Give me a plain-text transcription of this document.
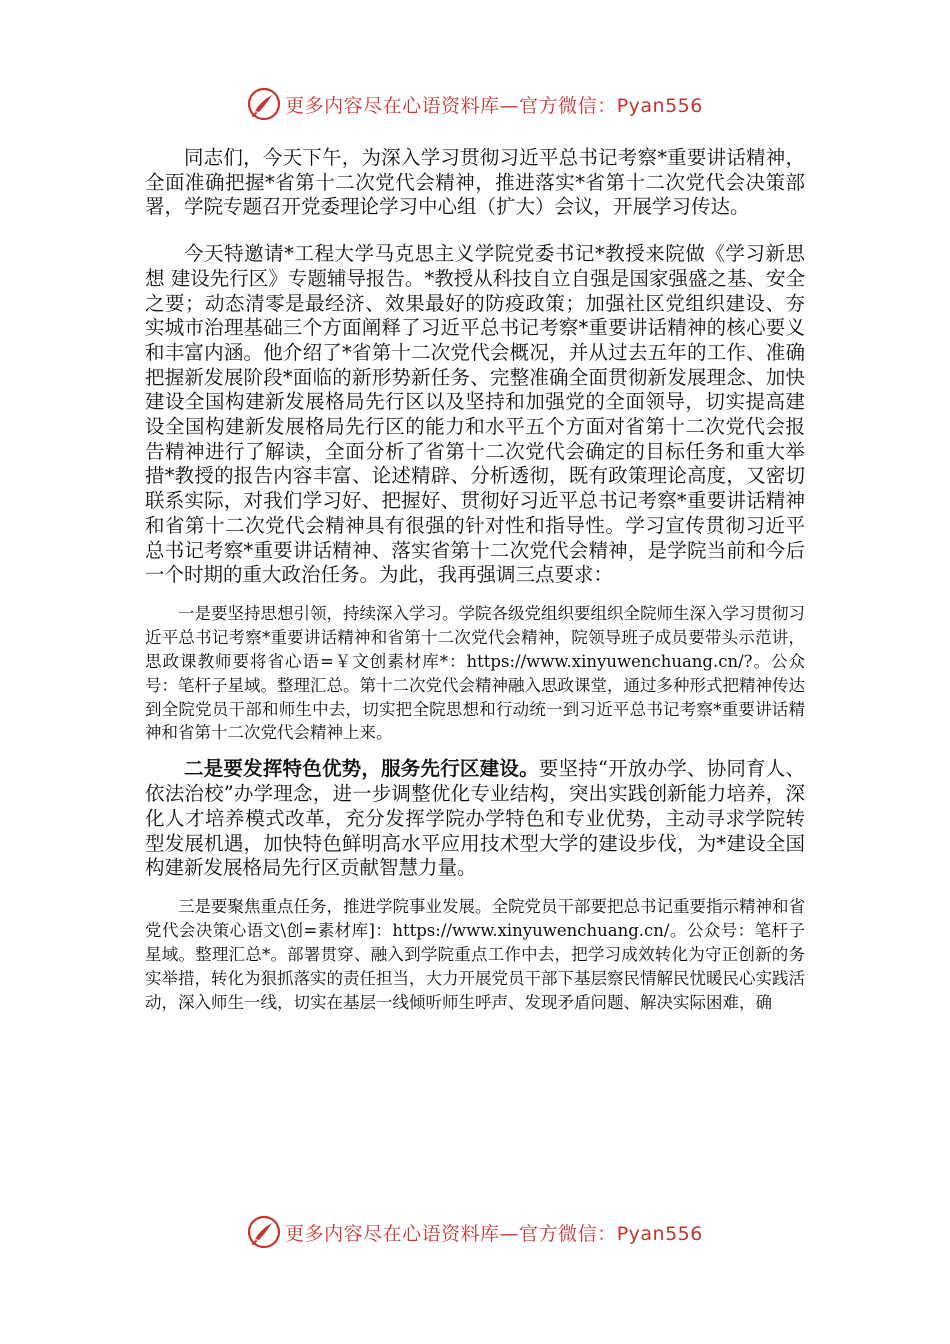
更多内容尽在心语资料库—官方微信：Pyan556

同志们，今天下午，为深入学习贯彻习近平总书记考察*重要讲话精神，全面准确把握*省第十二次党代会精神，推进落实*省第十二次党代会决策部署，学院专题召开党委理论学习中心组（扩大）会议，开展学习传达。

今天特邀请*工程大学马克思主义学院党委书记*教授来院做《学习新思想 建设先行区》专题辅导报告。*教授从科技自立自强是国家强盛之基、安全之要；动态清零是最经济、效果最好的防疫政策；加强社区党组织建设、夯实城市治理基础三个方面阐释了习近平总书记考察*重要讲话精神的核心要义和丰富内涵。他介绍了*省第十二次党代会概况，并从过去五年的工作、准确把握新发展阶段*面临的新形势新任务、完整准确全面贯彻新发展理念、加快建设全国构建新发展格局先行区以及坚持和加强党的全面领导，切实提高建设全国构建新发展格局先行区的能力和水平五个方面对省第十二次党代会报告精神进行了解读，全面分析了省第十二次党代会确定的目标任务和重大举措*教授的报告内容丰富、论述精辟、分析透彻，既有政策理论高度，又密切联系实际，对我们学习好、把握好、贯彻好习近平总书记考察*重要讲话精神和省第十二次党代会精神具有很强的针对性和指导性。学习宣传贯彻习近平总书记考察*重要讲话精神、落实省第十二次党代会精神，是学院当前和今后一个时期的重大政治任务。为此，我再强调三点要求：

一是要坚持思想引领，持续深入学习。学院各级党组织要组织全院师生深入学习贯彻习近平总书记考察*重要讲话精神和省第十二次党代会精神，院领导班子成员要带头示范讲，思政课教师要将省心语=￥文创素材库*：https://www.xinyuwenchuang.cn/?。公众号：笔杆子星域。整理汇总。第十二次党代会精神融入思政课堂，通过多种形式把精神传达到全院党员干部和师生中去，切实把全院思想和行动统一到习近平总书记考察*重要讲话精神和省第十二次党代会精神上来。

二是要发挥特色优势，服务先行区建设。要坚持“开放办学、协同育人、依法治校”办学理念，进一步调整优化专业结构，突出实践创新能力培养，深化人才培养模式改革，充分发挥学院办学特色和专业优势，主动寻求学院转型发展机遇，加快特色鲜明高水平应用技术型大学的建设步伐，为*建设全国构建新发展格局先行区贡献智慧力量。

三是要聚焦重点任务，推进学院事业发展。全院党员干部要把总书记重要指示精神和省党代会决策心语文\创=素材库]：https://www.xinyuwenchuang.cn/。公众号：笔杆子星域。整理汇总*。部署贯穿、融入到学院重点工作中去，把学习成效转化为守正创新的务实举措，转化为狠抓落实的责任担当，大力开展党员干部下基层察民情解民忧暖民心实践活动，深入师生一线，切实在基层一线倾听师生呼声、发现矛盾问题、解决实际困难，确

更多内容尽在心语资料库—官方微信：Pyan556
